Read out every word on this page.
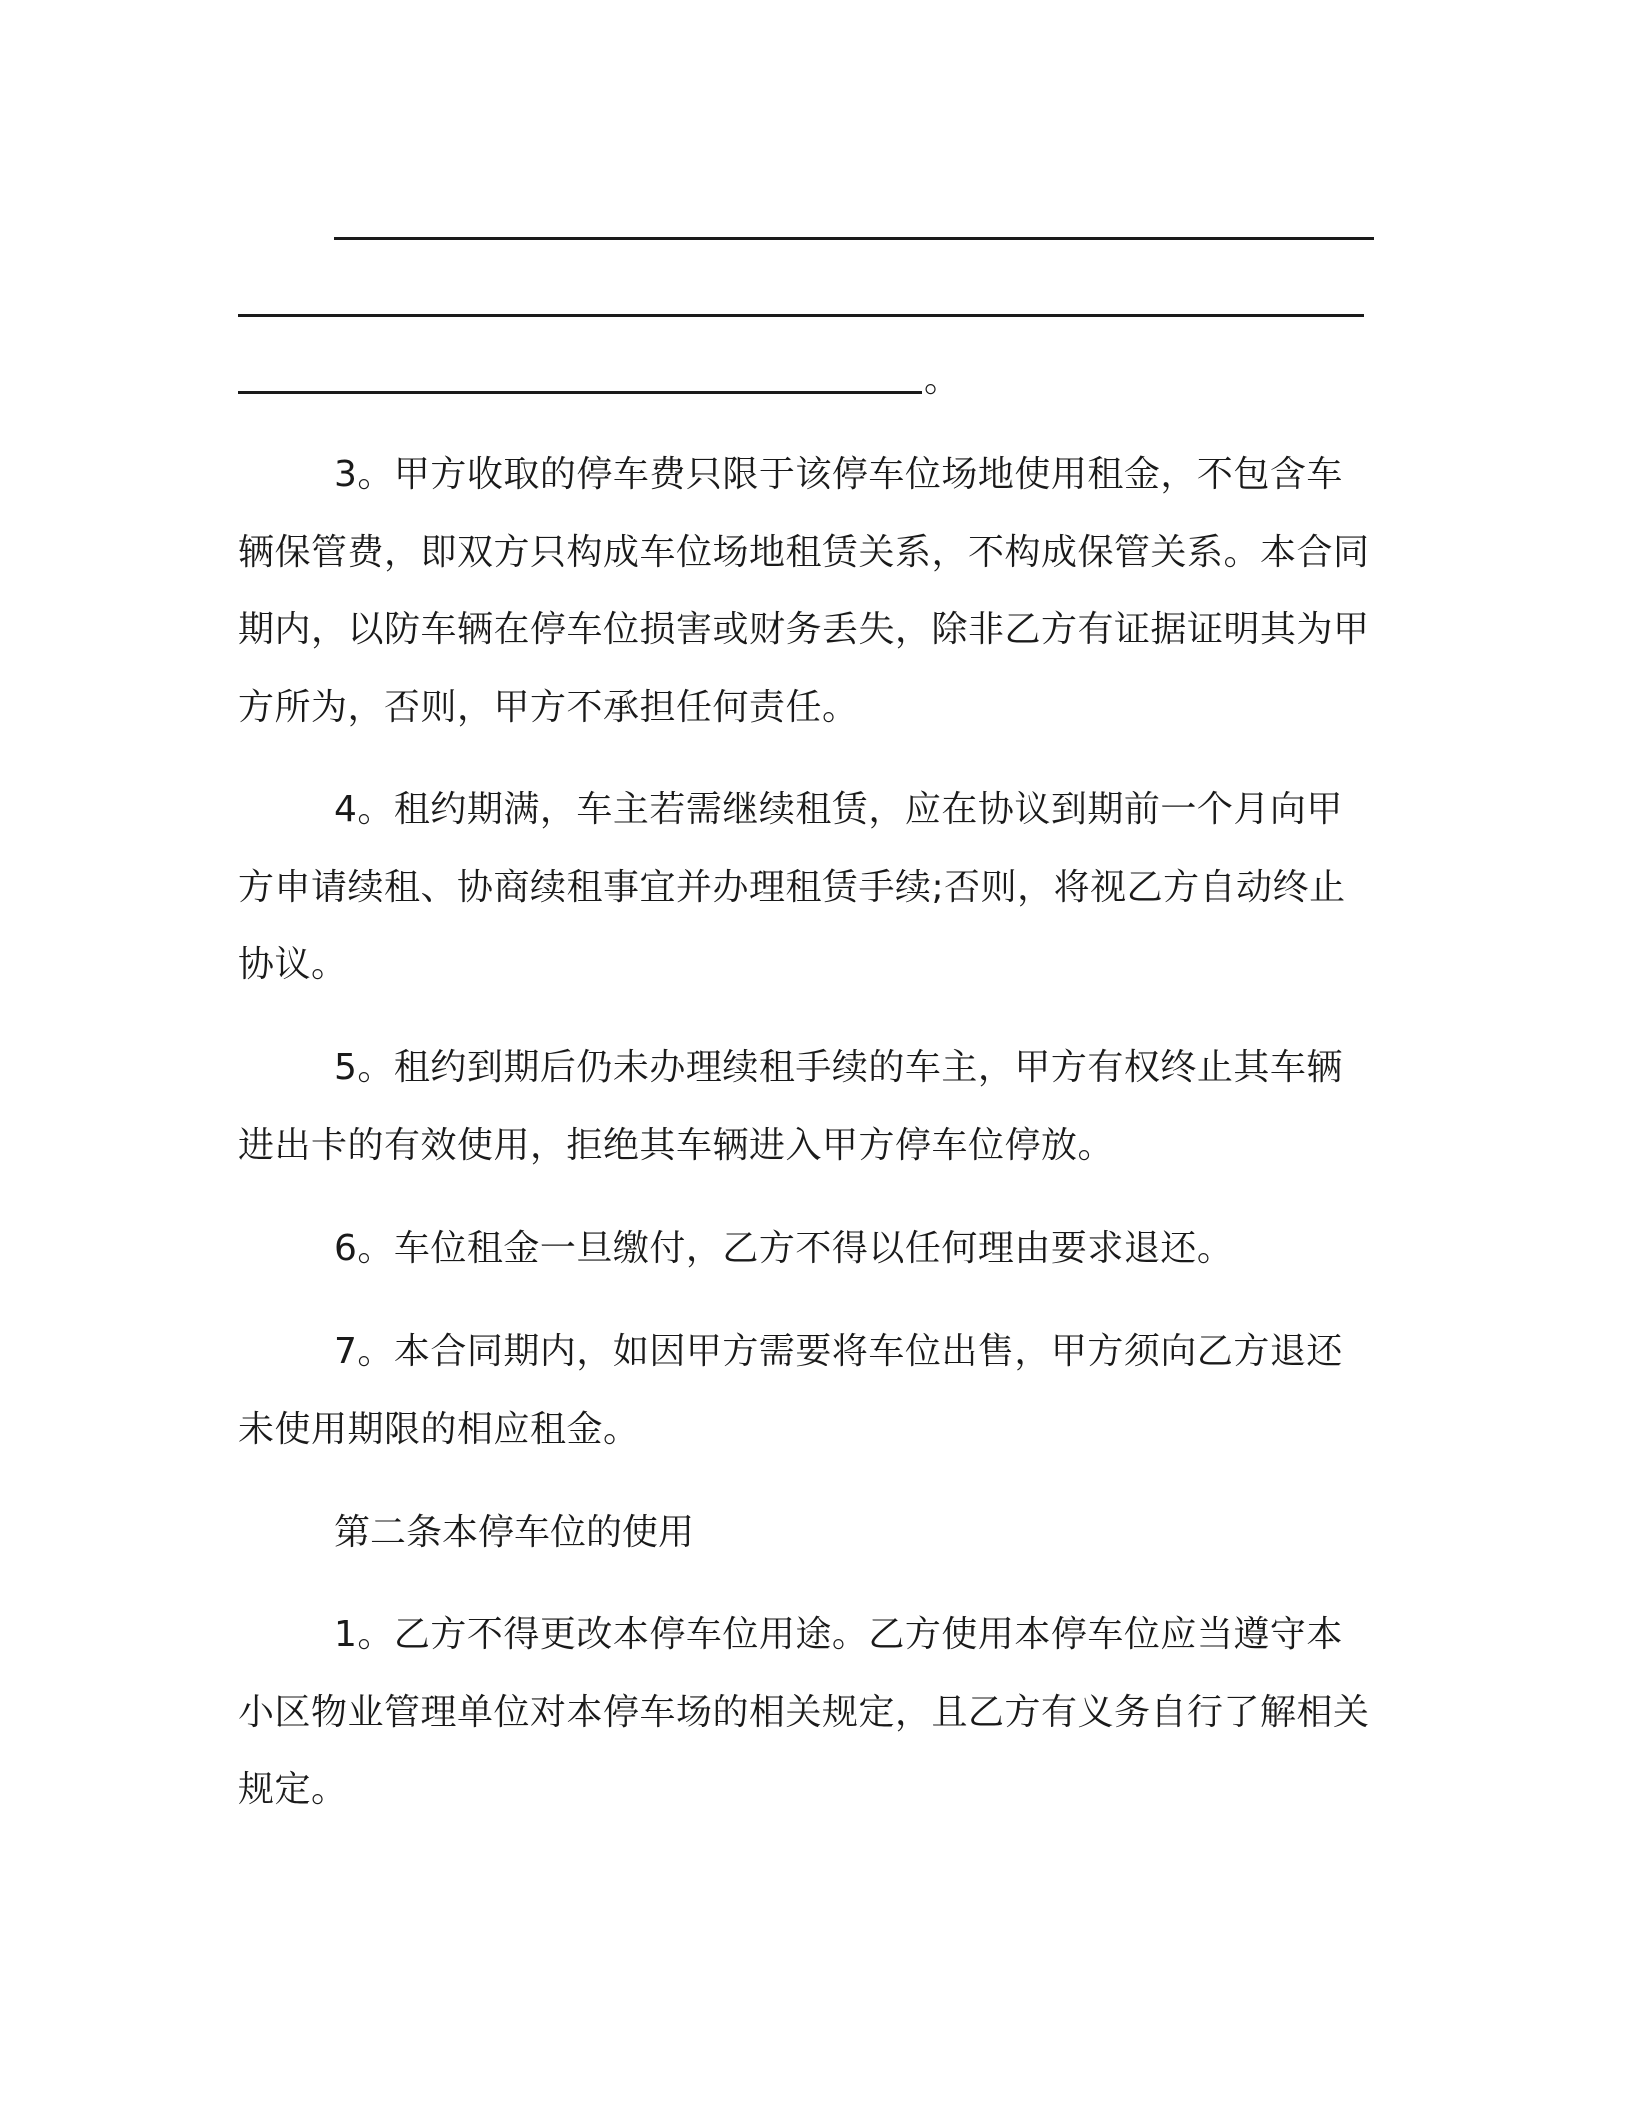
。

3。甲方收取的停车费只限于该停车位场地使用租金，不包含车辆保管费，即双方只构成车位场地租赁关系，不构成保管关系。本合同期内，以防车辆在停车位损害或财务丢失，除非乙方有证据证明其为甲方所为，否则，甲方不承担任何责任。

4。租约期满，车主若需继续租赁，应在协议到期前一个月向甲方申请续租、协商续租事宜并办理租赁手续;否则，将视乙方自动终止协议。

5。租约到期后仍未办理续租手续的车主，甲方有权终止其车辆进出卡的有效使用，拒绝其车辆进入甲方停车位停放。

6。车位租金一旦缴付，乙方不得以任何理由要求退还。

7。本合同期内，如因甲方需要将车位出售，甲方须向乙方退还未使用期限的相应租金。

第二条本停车位的使用

1。乙方不得更改本停车位用途。乙方使用本停车位应当遵守本小区物业管理单位对本停车场的相关规定，且乙方有义务自行了解相关规定。
